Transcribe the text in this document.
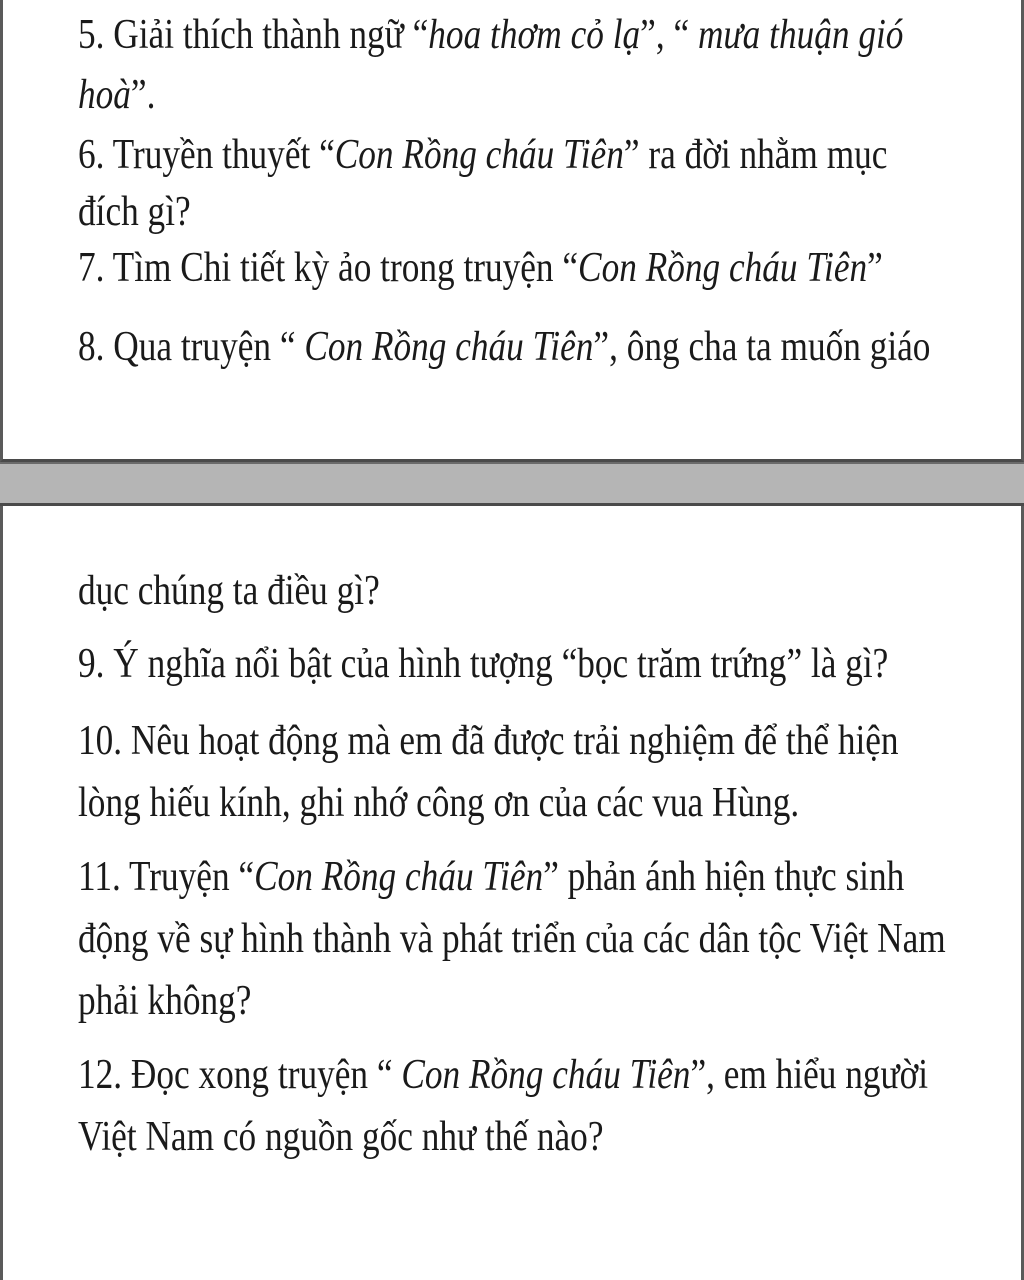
5. Giải thích thành ngữ “hoa thơm cỏ lạ”, “ mưa thuận gió
hoà”.
6. Truyền thuyết “Con Rồng cháu Tiên” ra đời nhằm mục
đích gì?
7. Tìm Chi tiết kỳ ảo trong truyện “Con Rồng cháu Tiên”
8. Qua truyện “ Con Rồng cháu Tiên”, ông cha ta muốn giáo
dục chúng ta điều gì?
9. Ý nghĩa nổi bật của hình tượng “bọc trăm trứng” là gì?
10. Nêu hoạt động mà em đã được trải nghiệm để thể hiện
lòng hiếu kính, ghi nhớ công ơn của các vua Hùng.
11. Truyện “Con Rồng cháu Tiên” phản ánh hiện thực sinh
động về sự hình thành và phát triển của các dân tộc Việt Nam
phải không?
12. Đọc xong truyện “ Con Rồng cháu Tiên”, em hiểu người
Việt Nam có nguồn gốc như thế nào?
